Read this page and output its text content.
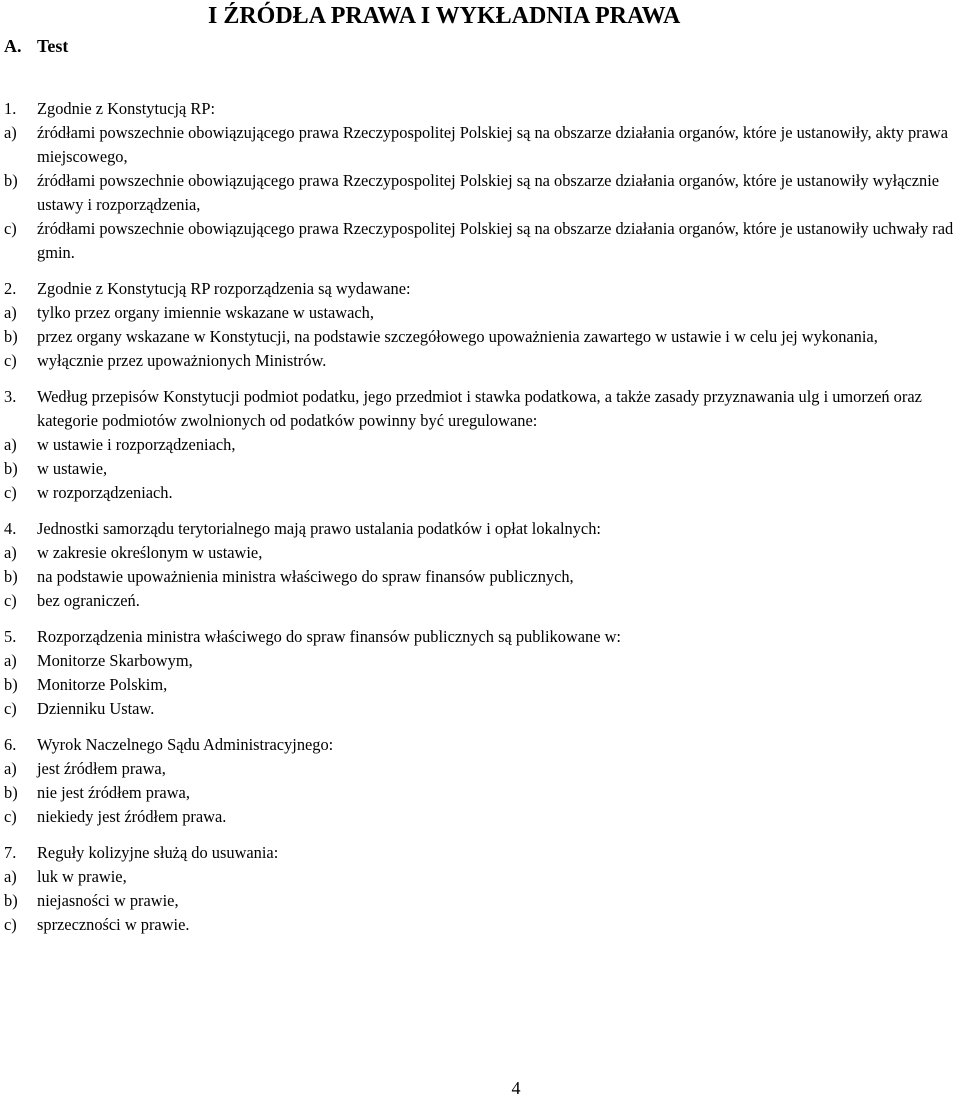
A. Test
I ŹRÓDŁA PRAWA I WYKŁADNIA PRAWA
1.	Zgodnie z Konstytucją RP:
a)	źródłami powszechnie obowiązującego prawa Rzeczypospolitej Polskiej są na obszarze działania organów, które je ustanowiły, akty prawa miejscowego,
b)	źródłami powszechnie obowiązującego prawa Rzeczypospolitej Polskiej są na obszarze działania organów, które je ustanowiły wyłącznie ustawy i rozporządzenia,
c)	źródłami powszechnie obowiązującego prawa Rzeczypospolitej Polskiej są na obszarze działania organów, które je ustanowiły uchwały rad gmin.
2.	Zgodnie z Konstytucją RP rozporządzenia są wydawane:
a)	tylko przez organy imiennie wskazane w ustawach,
b)	przez organy wskazane w Konstytucji, na podstawie szczegółowego upoważnienia zawartego w ustawie i w celu jej wykonania,
c)	wyłącznie przez upoważnionych Ministrów.
3.	Według przepisów Konstytucji podmiot podatku, jego przedmiot i stawka podatkowa, a także zasady przyznawania ulg i umorzeń oraz kategorie podmiotów zwolnionych od podatków powinny być uregulowane:
a)	w ustawie i rozporządzeniach,
b)	w ustawie,
c)	w rozporządzeniach.
4.	Jednostki samorządu terytorialnego mają prawo ustalania podatków i opłat lokalnych:
a)	w zakresie określonym w ustawie,
b)	na podstawie upoważnienia ministra właściwego do spraw finansów publicznych,
c)	bez ograniczeń.
5.	Rozporządzenia ministra właściwego do spraw finansów publicznych są publikowane w:
a)	Monitorze Skarbowym,
b)	Monitorze Polskim,
c)	Dzienniku Ustaw.
6.	Wyrok Naczelnego Sądu Administracyjnego:
a)	jest źródłem prawa,
b)	nie jest źródłem prawa,
c)	niekiedy jest źródłem prawa.
7.	Reguły kolizyjne służą do usuwania:
a)	luk w prawie,
b)	niejasności w prawie,
c)	sprzeczności w prawie.
4
